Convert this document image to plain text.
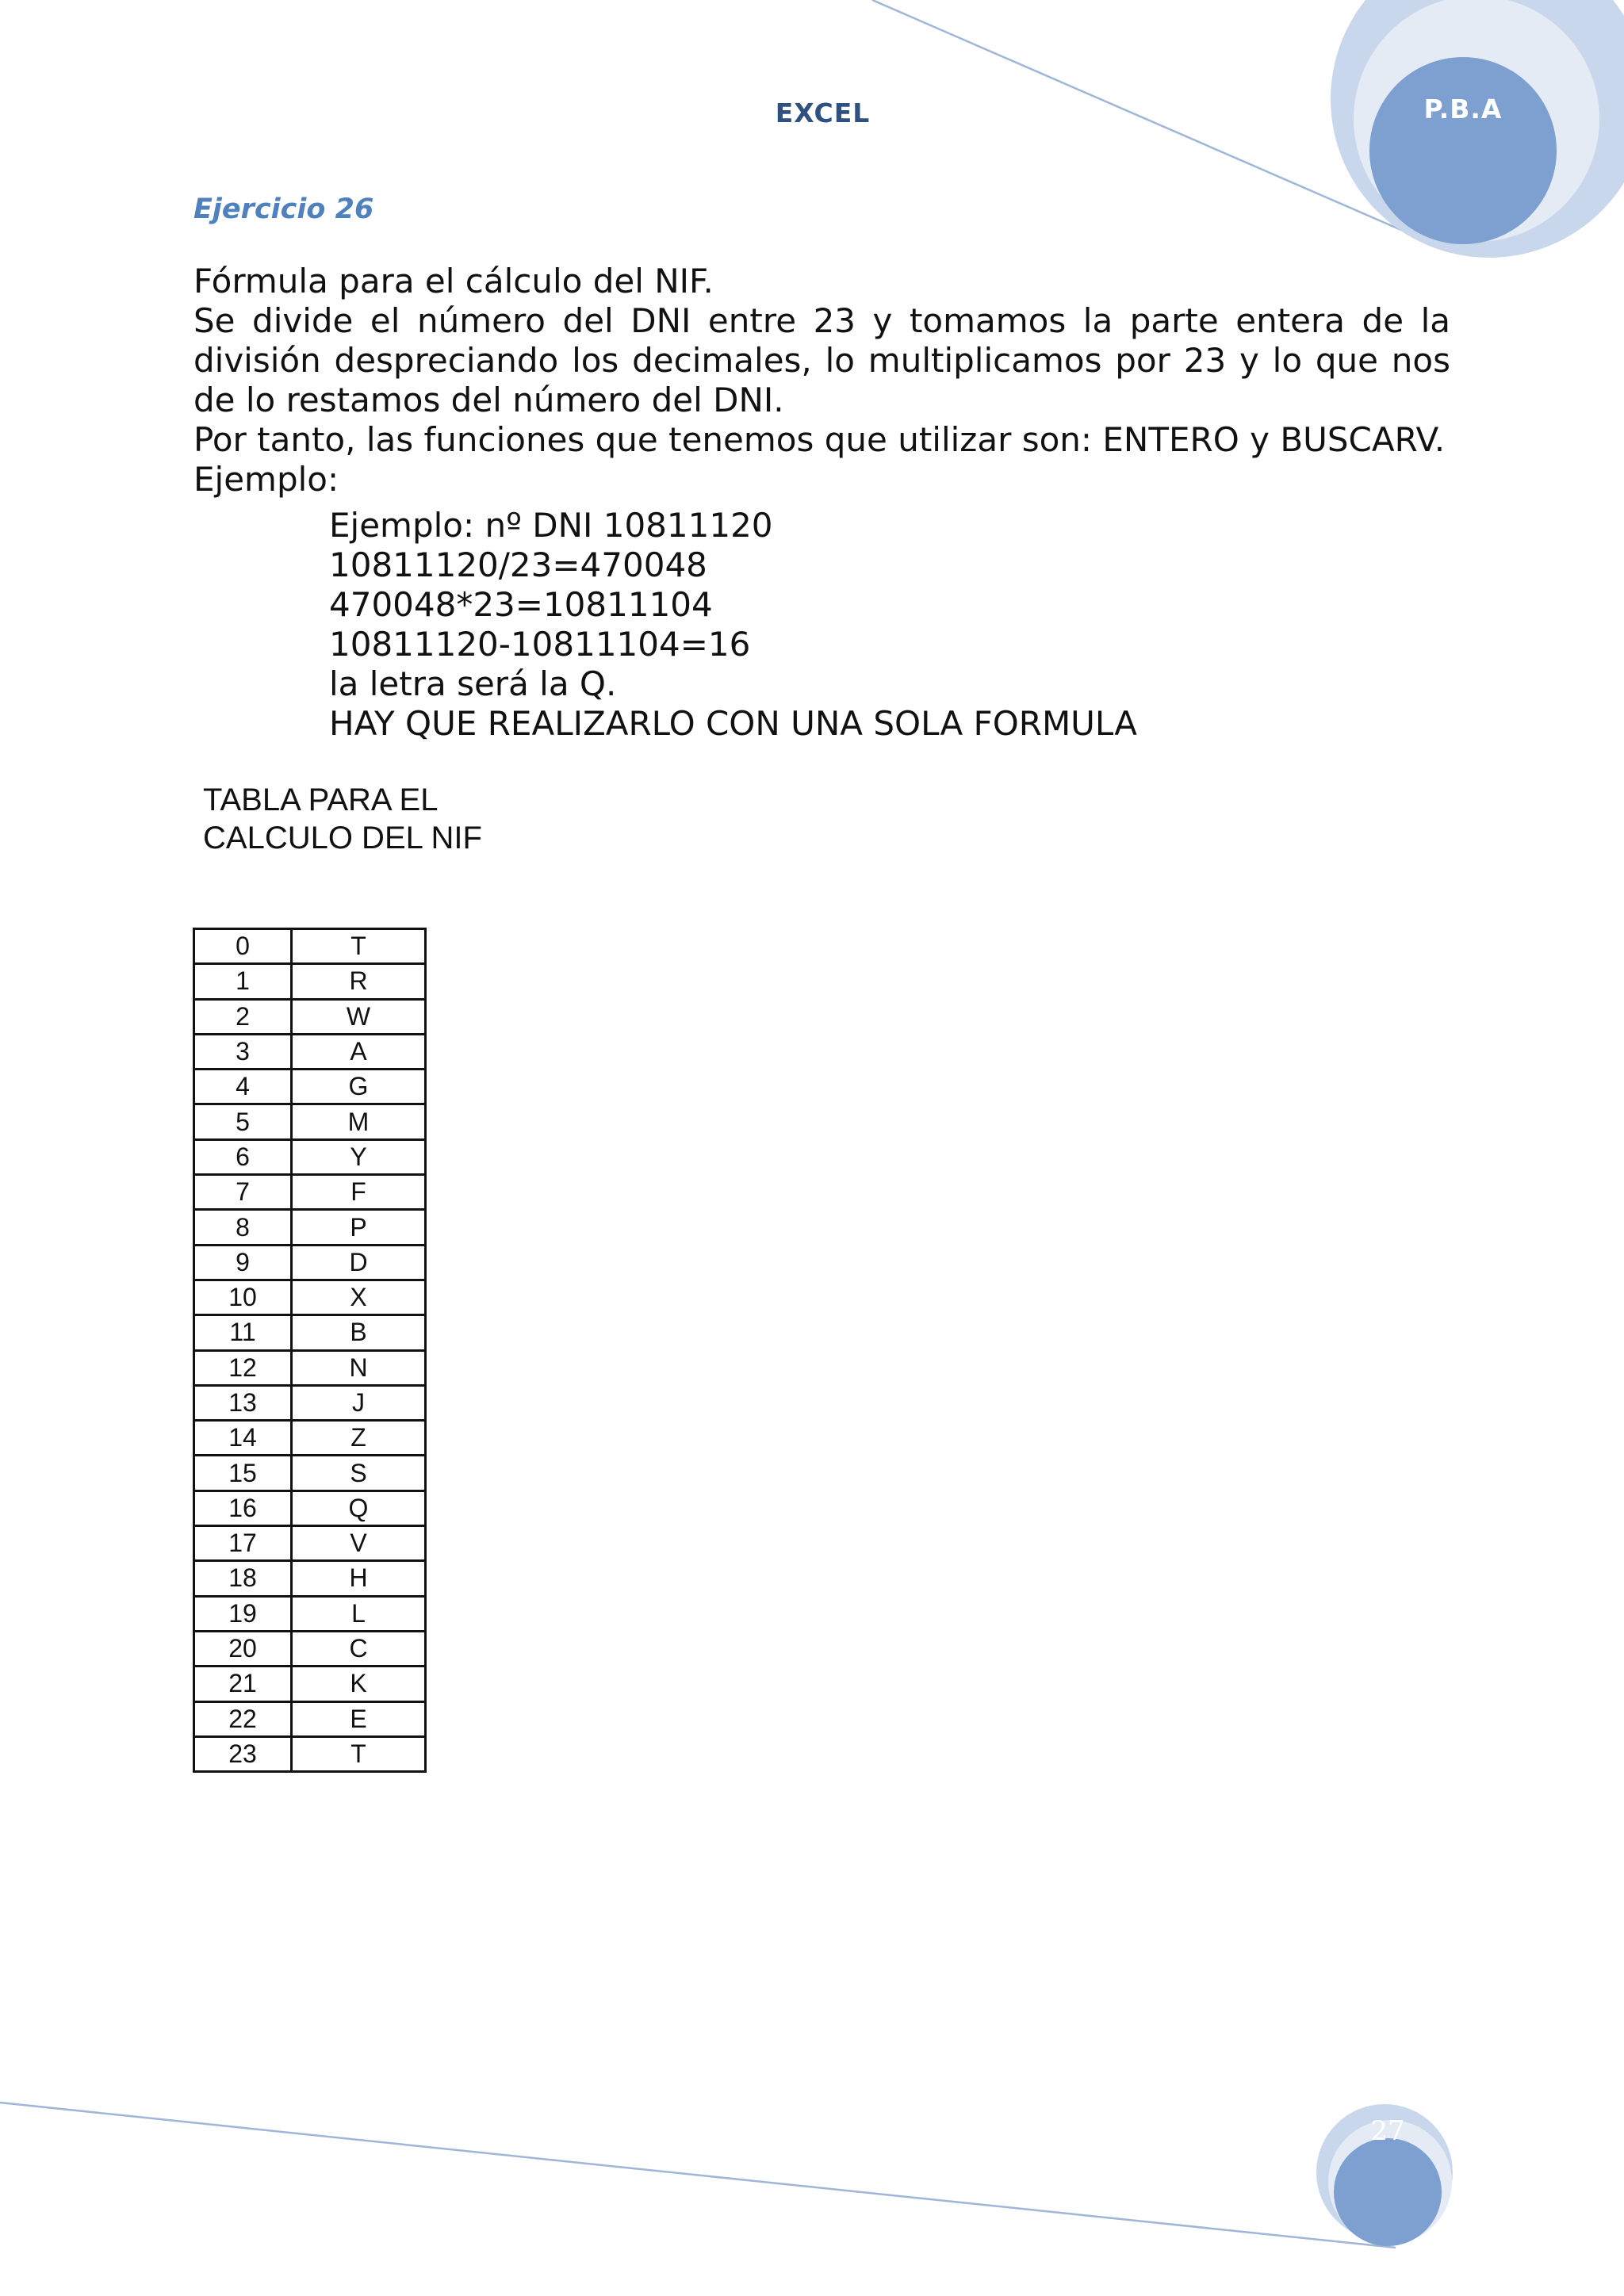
EXCEL	P.B.A
Ejercicio 26

Fórmula para el cálculo del NIF.

Se divide el número del DNI entre 23 y tomamos la parte entera de la

división despreciando los decimales, lo multiplicamos por 23 y lo que nos

de lo restamos del número del DNI.

Por tanto, las funciones que tenemos que utilizar son: ENTERO y BUSCARV.

Ejemplo:

Ejemplo: nº DNI 10811120

10811120/23=470048

470048*23=10811104

10811120-10811104=16

la letra será la Q.

HAY QUE REALIZARLO CON UNA SOLA FORMULA

TABLA PARA EL

CALCULO DEL NIF

0	T
1	R
2	W
3	A
4	G
5	M
6	Y
7	F
8	P
9	D
10	X
11	B
12	N
13	J
14	Z
15	S
16	Q
17	V
18	H
19	L
20	C
21	K
22	E
23	T
27
